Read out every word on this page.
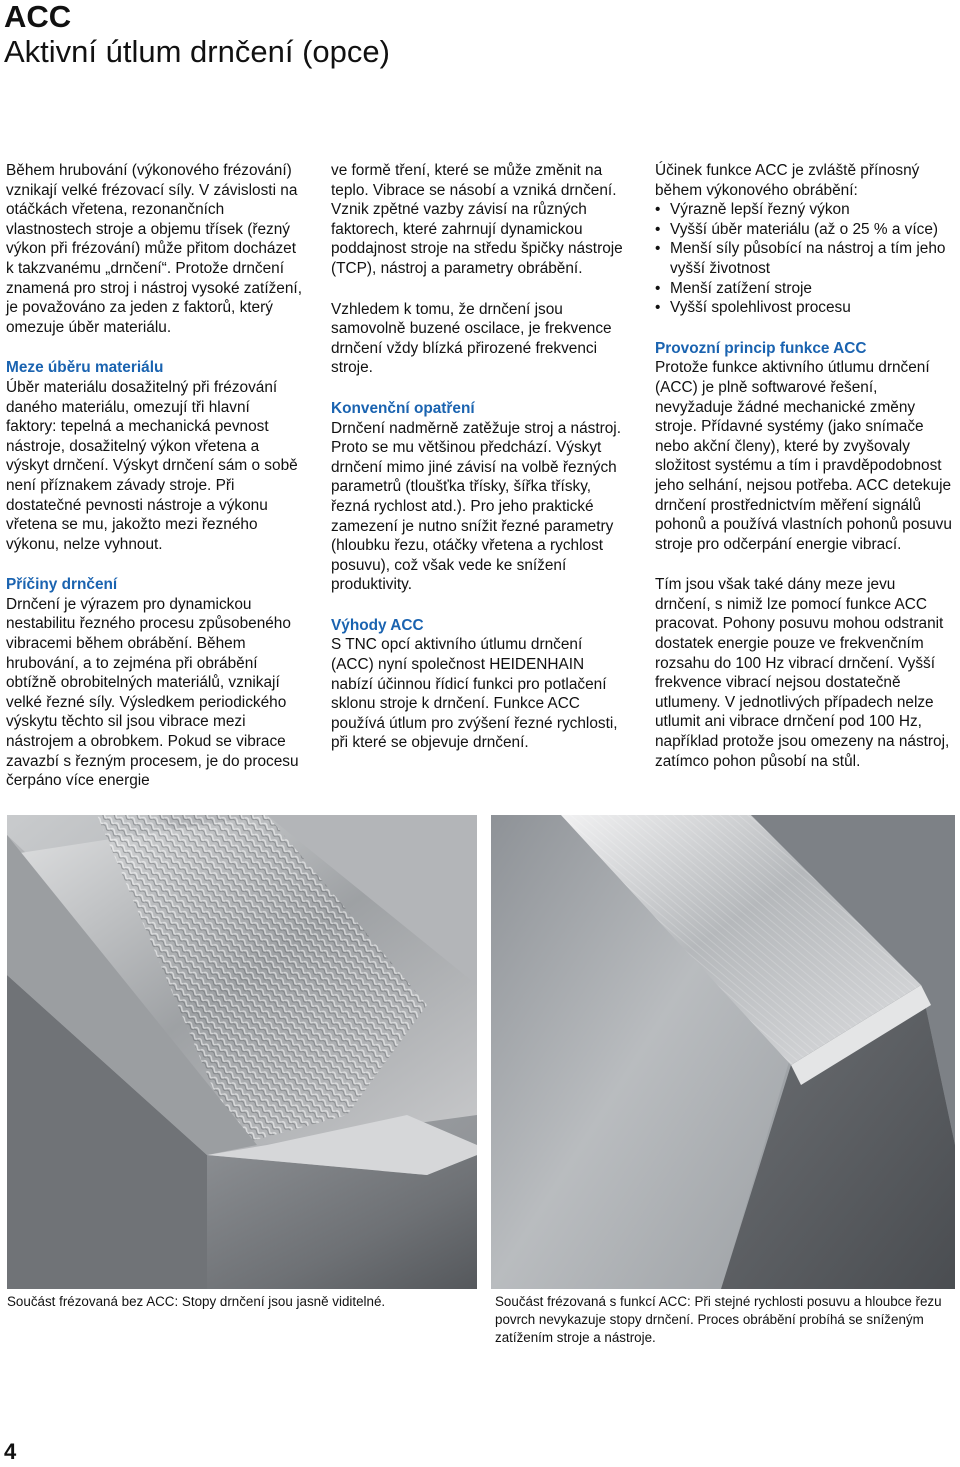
ACC
Aktivní útlum drnčení (opce)

Během hrubování (výkonového frézování) vznikají velké frézovací síly. V závislosti na otáčkách vřetena, rezonančních vlastnostech stroje a objemu třísek (řezný výkon při frézování) může přitom docházet k takzvanému „drnčení“. Protože drnčení znamená pro stroj i nástroj vysoké zatížení, je považováno za jeden z faktorů, který omezuje úběr materiálu.

Meze úběru materiálu
Úběr materiálu dosažitelný při frézování daného materiálu, omezují tři hlavní faktory: tepelná a mechanická pevnost nástroje, dosažitelný výkon vřetena a výskyt drnčení. Výskyt drnčení sám o sobě není příznakem závady stroje. Při dostatečné pevnosti nástroje a výkonu vřetena se mu, jakožto mezi řezného výkonu, nelze vyhnout.

Příčiny drnčení
Drnčení je výrazem pro dynamickou nestabilitu řezného procesu způsobeného vibracemi během obrábění. Během hrubování, a to zejména při obrábění obtížně obrobitelných materiálů, vznikají velké řezné síly. Výsledkem periodického výskytu těchto sil jsou vibrace mezi nástrojem a obrobkem. Pokud se vibrace zavazbí s řezným procesem, je do procesu čerpáno více energie

ve formě tření, které se může změnit na teplo. Vibrace se násobí a vzniká drnčení. Vznik zpětné vazby závisí na různých faktorech, které zahrnují dynamickou poddajnost stroje na středu špičky nástroje (TCP), nástroj a parametry obrábění.

Vzhledem k tomu, že drnčení jsou samovolně buzené oscilace, je frekvence drnčení vždy blízká přirozené frekvenci stroje.

Konvenční opatření
Drnčení nadměrně zatěžuje stroj a nástroj. Proto se mu většinou předchází. Výskyt drnčení mimo jiné závisí na volbě řezných parametrů (tloušťka třísky, šířka třísky, řezná rychlost atd.). Pro jeho praktické zamezení je nutno snížit řezné parametry (hloubku řezu, otáčky vřetena a rychlost posuvu), což však vede ke snížení produktivity.

Výhody ACC
S TNC opcí aktivního útlumu drnčení (ACC) nyní společnost HEIDENHAIN nabízí účinnou řídicí funkci pro potlačení sklonu stroje k drnčení. Funkce ACC používá útlum pro zvýšení řezné rychlosti, při které se objevuje drnčení.

Účinek funkce ACC je zvláště přínosný během výkonového obrábění:
• Výrazně lepší řezný výkon
• Vyšší úběr materiálu (až o 25 % a více)
• Menší síly působící na nástroj a tím jeho vyšší životnost
• Menší zatížení stroje
• Vyšší spolehlivost procesu

Provozní princip funkce ACC
Protože funkce aktivního útlumu drnčení (ACC) je plně softwarové řešení, nevyžaduje žádné mechanické změny stroje. Přídavné systémy (jako snímače nebo akční členy), které by zvyšovaly složitost systému a tím i pravděpodobnost jeho selhání, nejsou potřeba. ACC detekuje drnčení prostřednictvím měření signálů pohonů a používá vlastních pohonů posuvu stroje pro odčerpání energie vibrací.

Tím jsou však také dány meze jevu drnčení, s nimiž lze pomocí funkce ACC pracovat. Pohony posuvu mohou odstranit dostatek energie pouze ve frekvenčním rozsahu do 100 Hz vibrací drnčení. Vyšší frekvence vibrací nejsou dostatečně utlumeny. V jednotlivých případech nelze utlumit ani vibrace drnčení pod 100 Hz, například protože jsou omezeny na nástroj, zatímco pohon působí na stůl.

Součást frézovaná bez ACC: Stopy drnčení jsou jasně viditelné.	Součást frézovaná s funkcí ACC: Při stejné rychlosti posuvu a hloubce řezu povrch nevykazuje stopy drnčení. Proces obrábění probíhá se sníženým zatížením stroje a nástroje.
4
